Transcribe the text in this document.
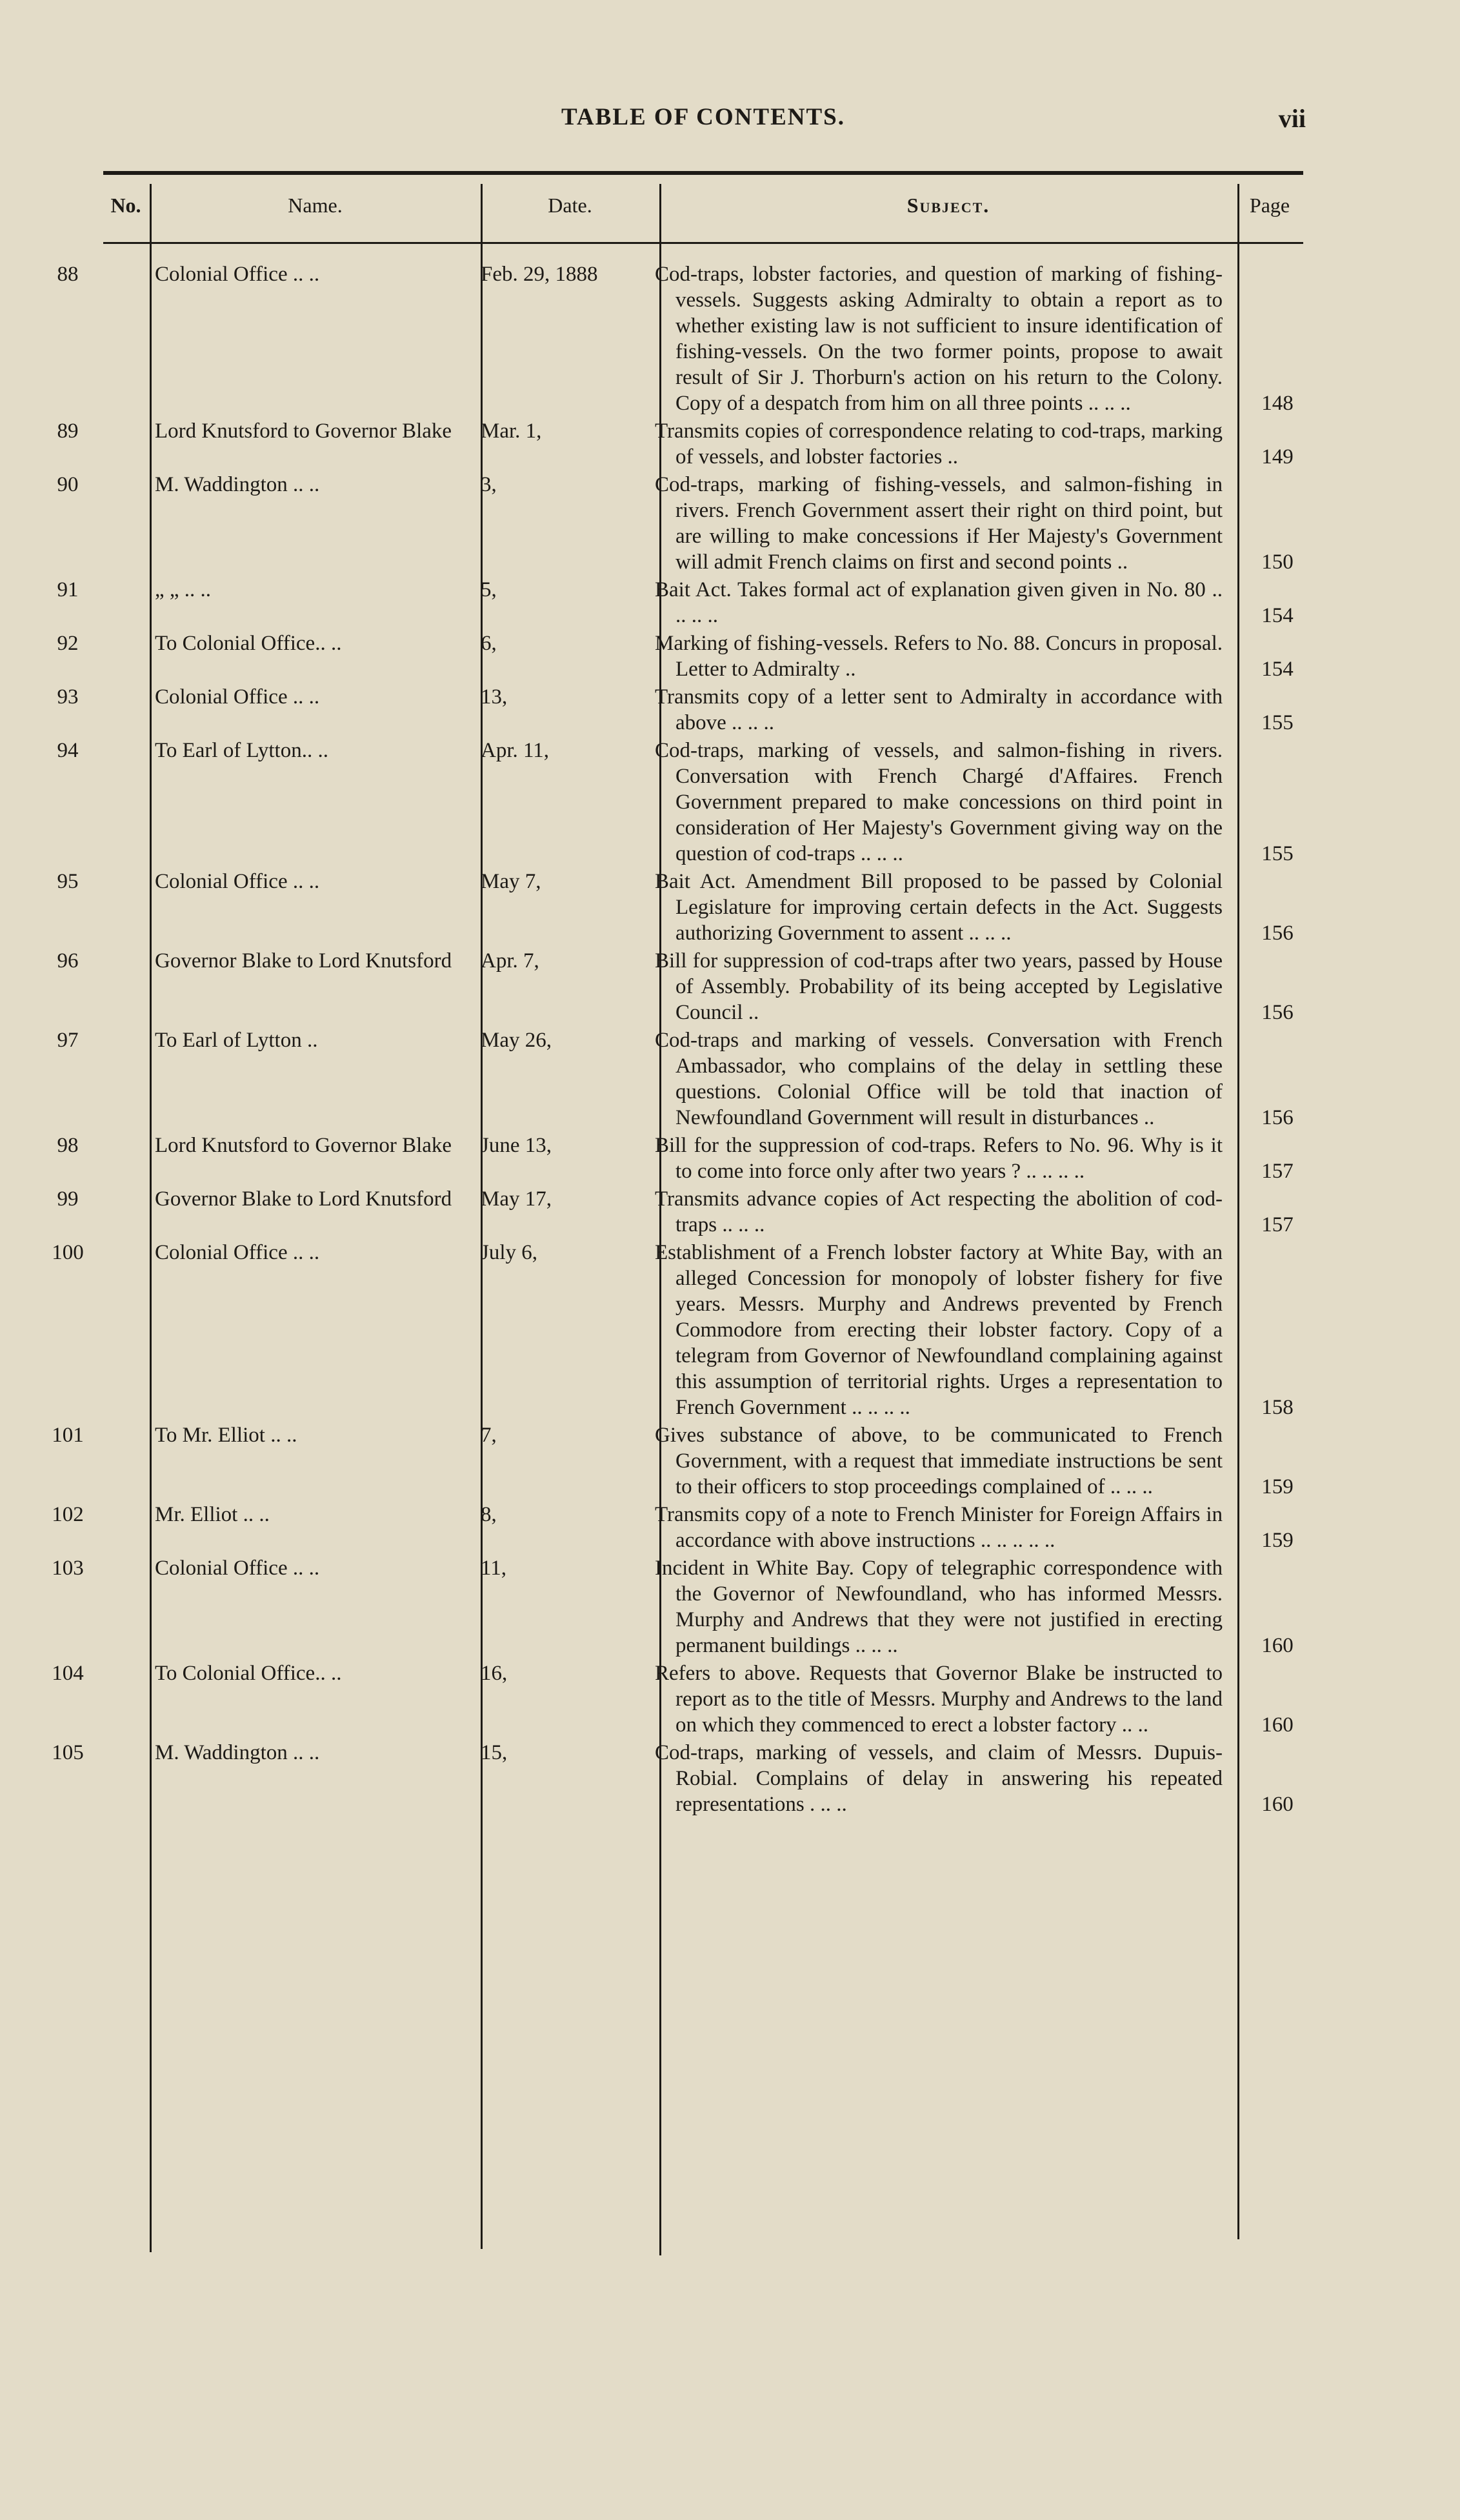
TABLE OF CONTENTS.	vii
No.	Name.	Date.	Subject.	Page
88	Colonial Office .. ..	Feb. 29, 1888	Cod-traps, lobster factories, and question of marking of fishing-vessels. Suggests asking Admiralty to obtain a report as to whether existing law is not sufficient to insure identification of fishing-vessels. On the two former points, propose to await result of Sir J. Thorburn's action on his return to the Colony. Copy of a despatch from him on all three points .. .. ..	148
89	Lord Knutsford to Governor Blake	Mar. 1,	Transmits copies of correspondence relating to cod-traps, marking of vessels, and lobster factories ..	149
90	M. Waddington .. ..	3,	Cod-traps, marking of fishing-vessels, and salmon-fishing in rivers. French Government assert their right on third point, but are willing to make concessions if Her Majesty's Government will admit French claims on first and second points ..	150
91	„ „ .. ..	5,	Bait Act. Takes formal act of explanation given given in No. 80 .. .. .. ..	154
92	To Colonial Office.. ..	6,	Marking of fishing-vessels. Refers to No. 88. Concurs in proposal. Letter to Admiralty ..	154
93	Colonial Office .. ..	13,	Transmits copy of a letter sent to Admiralty in accordance with above .. .. ..	155
94	To Earl of Lytton.. ..	Apr. 11,	Cod-traps, marking of vessels, and salmon-fishing in rivers. Conversation with French Chargé d'Affaires. French Government prepared to make concessions on third point in consideration of Her Majesty's Government giving way on the question of cod-traps .. .. ..	155
95	Colonial Office .. ..	May 7,	Bait Act. Amendment Bill proposed to be passed by Colonial Legislature for improving certain defects in the Act. Suggests authorizing Government to assent .. .. ..	156
96	Governor Blake to Lord Knutsford	Apr. 7,	Bill for suppression of cod-traps after two years, passed by House of Assembly. Probability of its being accepted by Legislative Council ..	156
97	To Earl of Lytton ..	May 26,	Cod-traps and marking of vessels. Conversation with French Ambassador, who complains of the delay in settling these questions. Colonial Office will be told that inaction of Newfoundland Government will result in disturbances ..	156
98	Lord Knutsford to Governor Blake	June 13,	Bill for the suppression of cod-traps. Refers to No. 96. Why is it to come into force only after two years ? .. .. .. ..	157
99	Governor Blake to Lord Knutsford	May 17,	Transmits advance copies of Act respecting the abolition of cod-traps .. .. ..	157
100	Colonial Office .. ..	July 6,	Establishment of a French lobster factory at White Bay, with an alleged Concession for monopoly of lobster fishery for five years. Messrs. Murphy and Andrews prevented by French Commodore from erecting their lobster factory. Copy of a telegram from Governor of Newfoundland complaining against this assumption of territorial rights. Urges a representation to French Government .. .. .. ..	158
101	To Mr. Elliot .. ..	7,	Gives substance of above, to be communicated to French Government, with a request that immediate instructions be sent to their officers to stop proceedings complained of .. .. ..	159
102	Mr. Elliot .. ..	8,	Transmits copy of a note to French Minister for Foreign Affairs in accordance with above instructions .. .. .. .. ..	159
103	Colonial Office .. ..	11,	Incident in White Bay. Copy of telegraphic correspondence with the Governor of Newfoundland, who has informed Messrs. Murphy and Andrews that they were not justified in erecting permanent buildings .. .. ..	160
104	To Colonial Office.. ..	16,	Refers to above. Requests that Governor Blake be instructed to report as to the title of Messrs. Murphy and Andrews to the land on which they commenced to erect a lobster factory .. ..	160
105	M. Waddington .. ..	15,	Cod-traps, marking of vessels, and claim of Messrs. Dupuis-Robial. Complains of delay in answering his repeated representations . .. ..	160
